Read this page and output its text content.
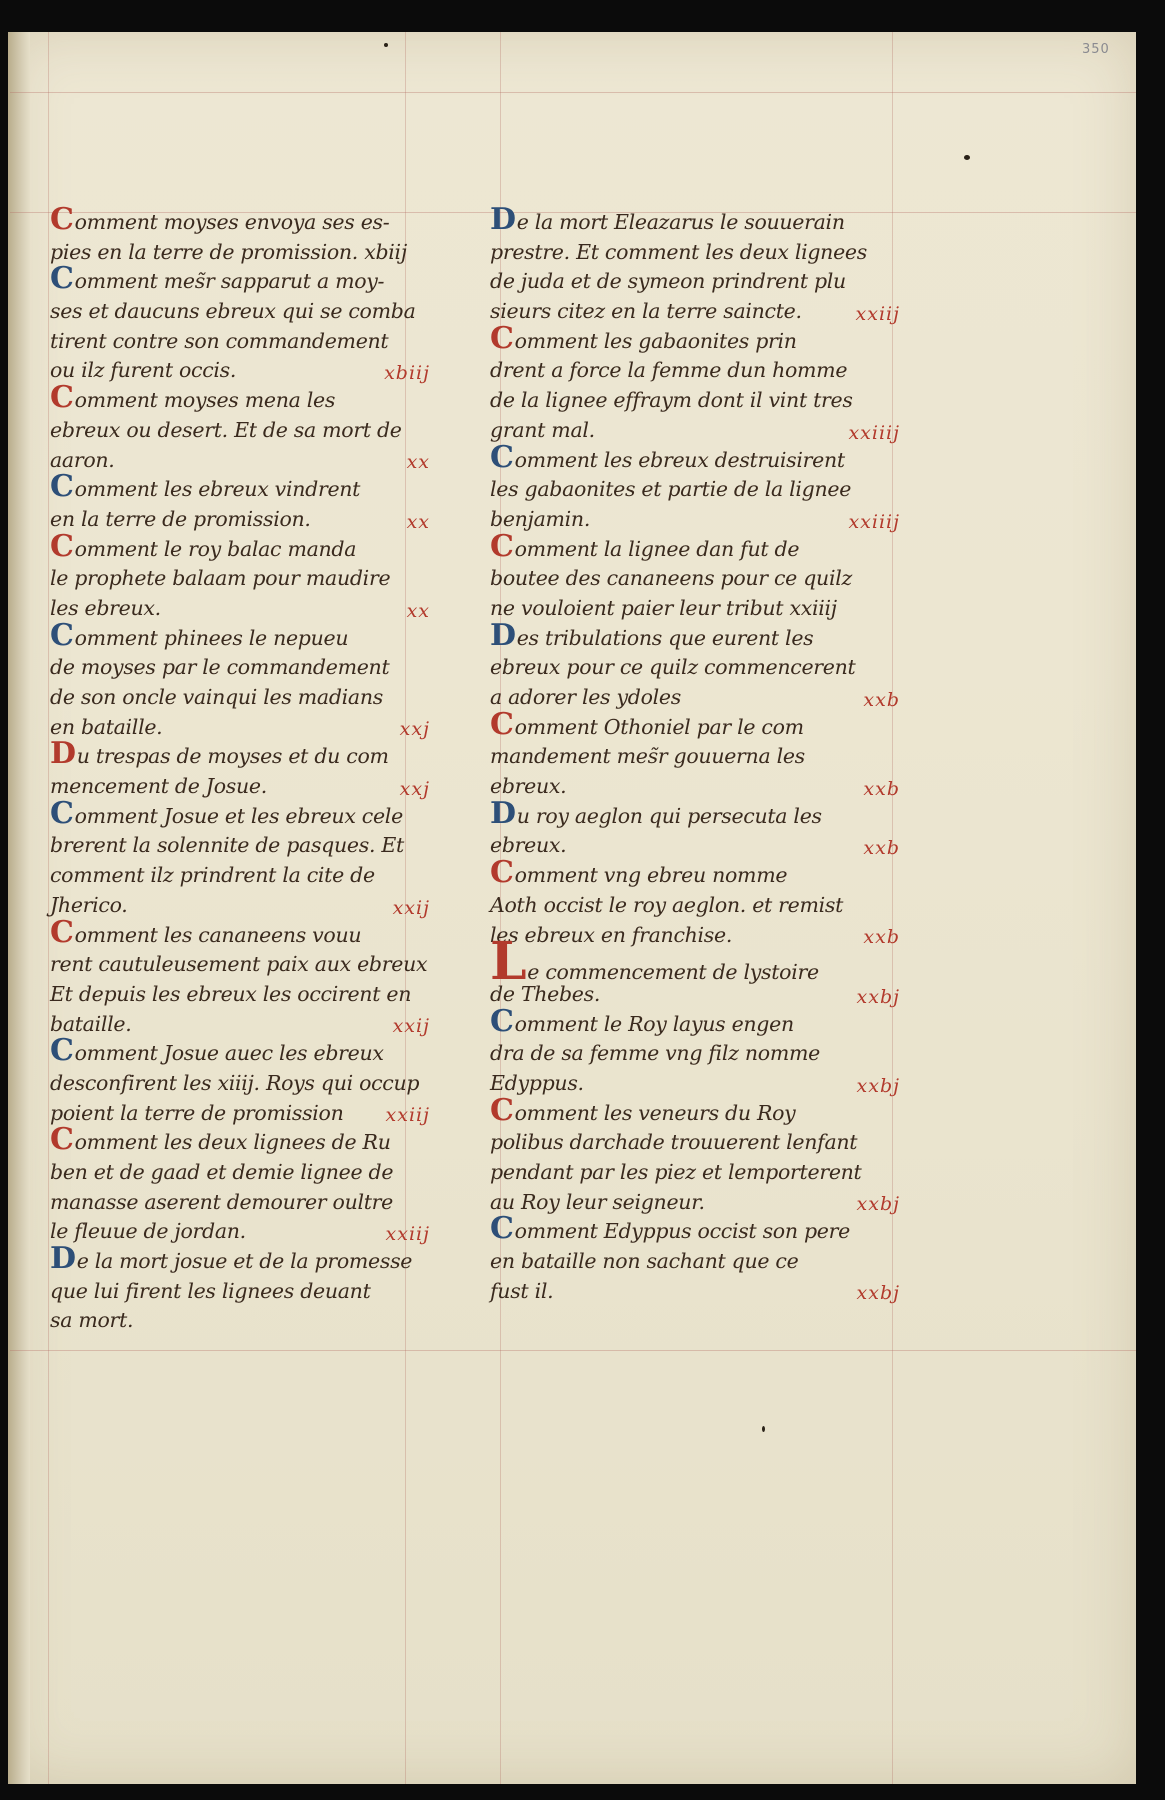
350
Comment moyses envoya ses es-
pies en la terre de promission. xbiij
Comment mes̃r sapparut a moy-
ses et daucuns ebreux qui se comba
tirent contre son commandement
ou ilz furent occis.	xbiij
Comment moyses mena les
ebreux ou desert. Et de sa mort de
aaron.	xx
Comment les ebreux vindrent
en la terre de promission.	xx
Comment le roy balac manda
le prophete balaam pour maudire
les ebreux.	xx
Comment phinees le nepueu
de moyses par le commandement
de son oncle vainqui les madians
en bataille.	xxj
Du trespas de moyses et du com
mencement de Josue.	xxj
Comment Josue et les ebreux cele
brerent la solennite de pasques. Et
comment ilz prindrent la cite de
Jherico.	xxij
Comment les cananeens vouu
rent cautuleusement paix aux ebreux
Et depuis les ebreux les occirent en
bataille.	xxij
Comment Josue auec les ebreux
desconfirent les xiiij. Roys qui occup
poient la terre de promission	xxiij
Comment les deux lignees de Ru
ben et de gaad et demie lignee de
manasse aserent demourer oultre
le fleuue de jordan.	xxiij
De la mort josue et de la promesse
que lui firent les lignees deuant
sa mort.
De la mort Eleazarus le souuerain
prestre. Et comment les deux lignees
de juda et de symeon prindrent plu
sieurs citez en la terre saincte.	xxiij
Comment les gabaonites prin
drent a force la femme dun homme
de la lignee effraym dont il vint tres
grant mal.	xxiiij
Comment les ebreux destruisirent
les gabaonites et partie de la lignee
benjamin.	xxiiij
Comment la lignee dan fut de
boutee des cananeens pour ce quilz
ne vouloient paier leur tribut xxiiij
Des tribulations que eurent les
ebreux pour ce quilz commencerent
a adorer les ydoles	xxb
Comment Othoniel par le com
mandement mes̃r gouuerna les
ebreux.	xxb
Du roy aeglon qui persecuta les
ebreux.	xxb
Comment vng ebreu nomme
Aoth occist le roy aeglon. et remist
les ebreux en franchise.	xxb
Le commencement de lystoire
de Thebes.	xxbj
Comment le Roy layus engen
dra de sa femme vng filz nomme
Edyppus.	xxbj
Comment les veneurs du Roy
polibus darchade trouuerent lenfant
pendant par les piez et lemporterent
au Roy leur seigneur.	xxbj
Comment Edyppus occist son pere
en bataille non sachant que ce
fust il.	xxbj
